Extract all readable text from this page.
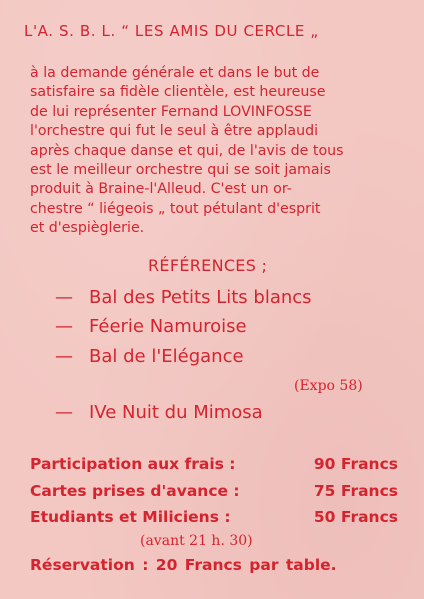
L'A. S. B. L. “ LES AMIS DU CERCLE „
à la demande générale et dans le but de
satisfaire sa fidèle clientèle, est heureuse
de lui représenter Fernand LOVINFOSSE
l'orchestre qui fut le seul à être applaudi
après chaque danse et qui, de l'avis de tous
est le meilleur orchestre qui se soit jamais
produit à Braine-l'Alleud. C'est un or-
chestre “ liégeois „ tout pétulant d'esprit
et d'espièglerie.
RÉFÉRENCES ;
— Bal des Petits Lits blancs
— Féerie Namuroise
— Bal de l'Elégance
(Expo 58)
— IVe Nuit du Mimosa
Participation aux frais :	90 Francs
Cartes prises d'avance :	75 Francs
Etudiants et Miliciens :	50 Francs
(avant 21 h. 30)
Réservation : 20 Francs par table.
